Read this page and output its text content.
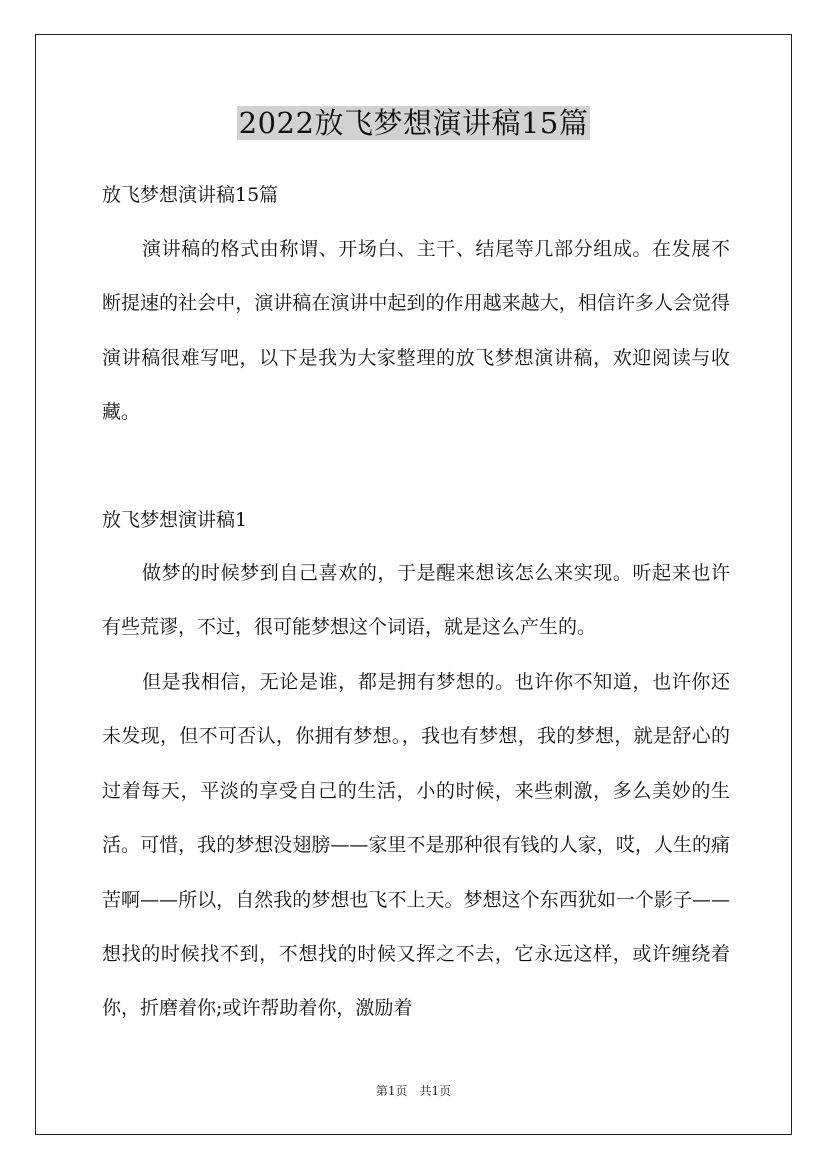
2022放飞梦想演讲稿15篇

放飞梦想演讲稿15篇

演讲稿的格式由称谓、开场白、主干、结尾等几部分组成。在发展不断提速的社会中，演讲稿在演讲中起到的作用越来越大，相信许多人会觉得演讲稿很难写吧，以下是我为大家整理的放飞梦想演讲稿，欢迎阅读与收藏。

放飞梦想演讲稿1

做梦的时候梦到自己喜欢的，于是醒来想该怎么来实现。听起来也许有些荒谬，不过，很可能梦想这个词语，就是这么产生的。

但是我相信，无论是谁，都是拥有梦想的。也许你不知道，也许你还未发现，但不可否认，你拥有梦想。，我也有梦想，我的梦想，就是舒心的过着每天，平淡的享受自己的生活，小的时候，来些刺激，多么美妙的生活。可惜，我的梦想没翅膀——家里不是那种很有钱的人家，哎，人生的痛苦啊——所以，自然我的梦想也飞不上天。梦想这个东西犹如一个影子——想找的时候找不到，不想找的时候又挥之不去，它永远这样，或许缠绕着你，折磨着你;或许帮助着你，激励着

第1页 共1页
